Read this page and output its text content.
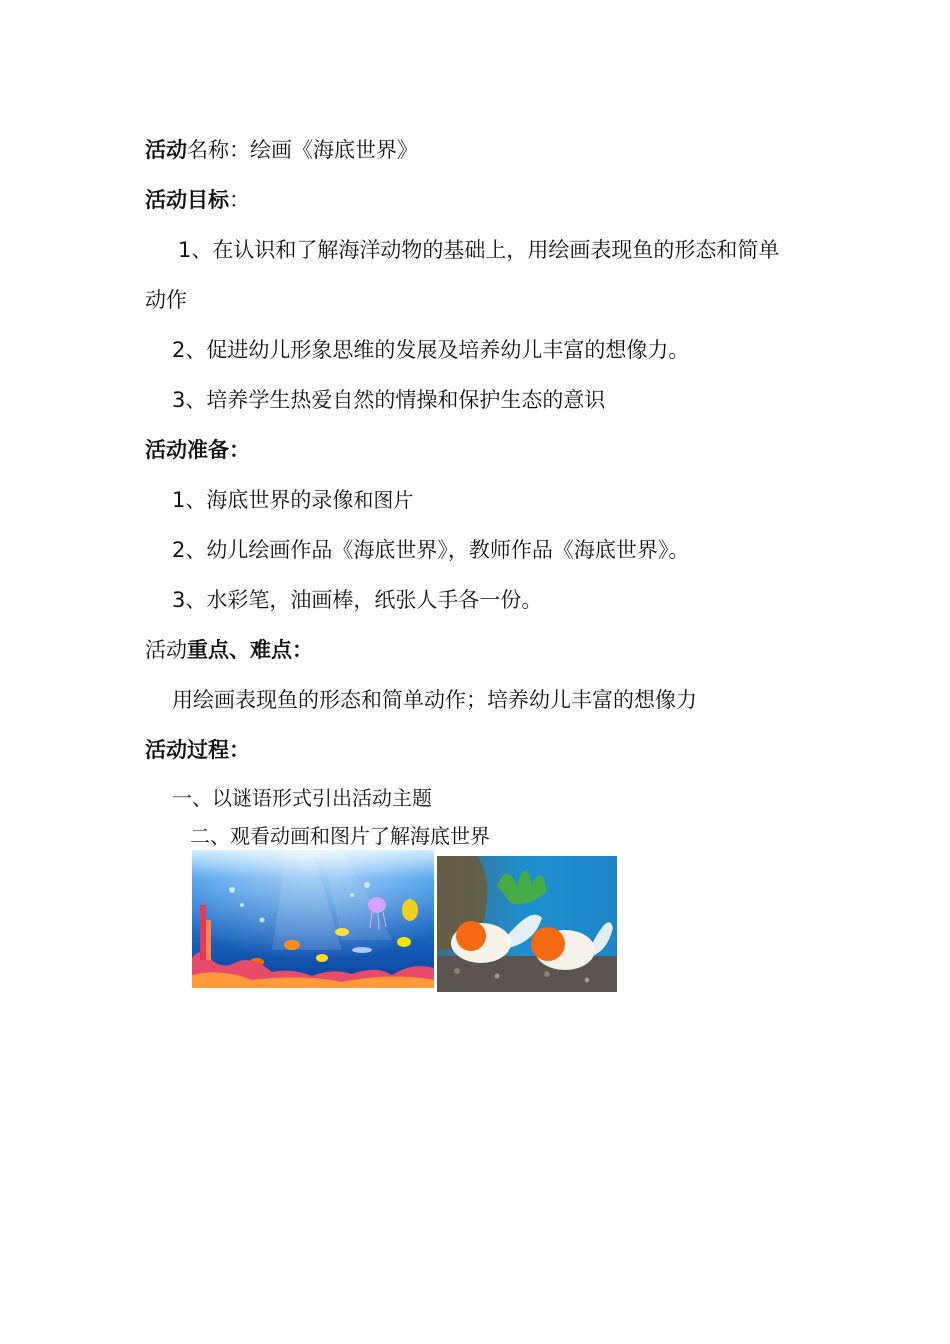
活动名称：绘画《海底世界》
活动目标：
1、在认识和了解海洋动物的基础上，用绘画表现鱼的形态和简单
动作
2、促进幼儿形象思维的发展及培养幼儿丰富的想像力。
3、培养学生热爱自然的情操和保护生态的意识
活动准备：
1、海底世界的录像和图片
2、幼儿绘画作品《海底世界》，教师作品《海底世界》。
3、水彩笔，油画棒，纸张人手各一份。
活动重点、难点：
用绘画表现鱼的形态和简单动作；培养幼儿丰富的想像力
活动过程：
一、以谜语形式引出活动主题
二、观看动画和图片了解海底世界
